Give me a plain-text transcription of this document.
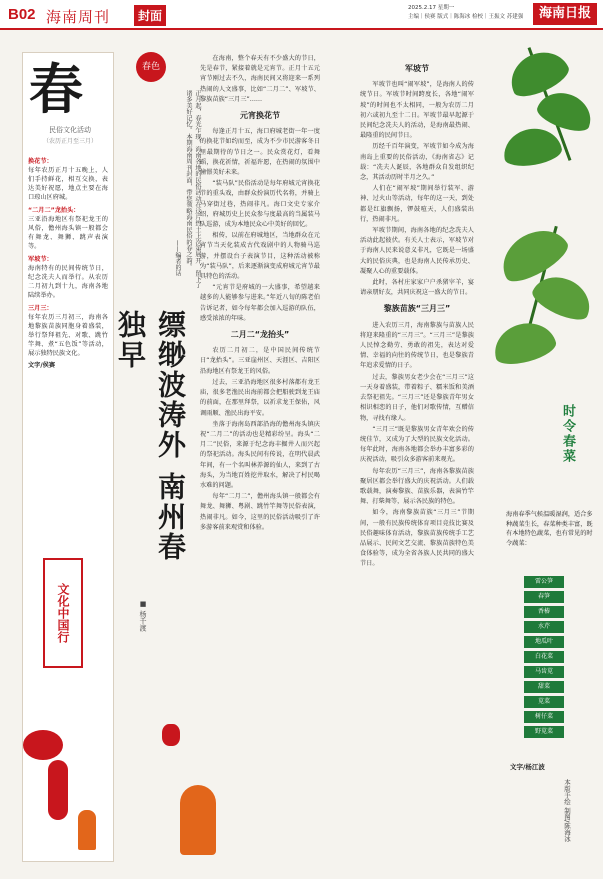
B02 海南周刊	封面
2025.2.17 星期一
主编｜侯赛 版式｜陈海冰 检校｜王振文 苏建强	海南日报
春
民俗文化活动
（农历正月至三月）
换花节：
每年农历正月十五晚上，人们手持鲜花，相互交换，表达美好祝愿，地点主要在海口琼山区府城。
“二月二”龙抬头：
三亚沿海地区有祭祀龙王的风俗，儋州海头镇一般都会有舞龙、舞狮、跳声表演等。
军坡节：
海南特有的民间传统节日，纪念冼夫人而举行。从农历二月初九到十九，海南各地陆续举办。
三月三：
每年农历三月初三，海南各地黎族苗族同胞身着盛装，举行祭拜祖先、对歌、跳竹竿舞、煮“五色饭”等活动，展示独特民族文化。
文字/侯赛
文化中国行
春色
正月起，春光乍现。海南各地的民俗活动在这片热土上次第展开，留下了诸多美好记忆。本期海南周刊封面，带您领略海南民俗的春之韵。
——编者的话
缥缈波涛外 南州春独早
■ 杨千渡

在海南，整个春天有不少盛大的节日，先是春节，紧接着就是元宵节。正月十五元宵节刚过去不久，海南民间又将迎来一系列热闹的人文盛事，比如“二月二”、军坡节、黎族苗族“三月三”……

元宵换花节

每逢正月十五，海口府城老街一年一度的换花节如约而至，成为不少市民游客冬日里最期待的节日之一。民众赏花灯，看舞蹈，换花祈情，祈福许愿，在热闹的氛围中憧憬美好未来。

“装马队”民俗活动是每年府城元宵换花节的重头戏，由群众扮演历代名将，并骑上马穿街过巷，热闹非凡。海口文史专家介绍，府城历史上民众参与度最高的当属装马队巡游，成为本地民众心中美好的回忆。

相传，以前在府城地区，当地群众在元宵节当天化装成古代戏剧中的人物骑马巡游，并摆设台子表演节目，这种活动被称为“装马队”，后来逐渐演变成府城元宵节最具特色的活动。

“元宵节是府城的一大盛事，希望越来越多的人能够参与进来。”年近八旬的陈老伯告诉记者，如今每年都会加入巡游的队伍，感受浓浓的年味。

二月二“龙抬头”

农历二月初二，是中国民间传统节日“龙抬头”。三亚崖州区、天涯区、吉阳区沿海地区有祭龙王的风俗。

过去，三亚沿海地区很多村落都有龙王庙，很多老渔民出海前都会把船驶到龙王庙的前面，在那里拜祭，以祈求龙王保佑，风调雨顺、渔民出海平安。

坐落于海南岛西部沿海的儋州海头镇庆祝“二月二”的活动也是精彩纷呈。海头“二月二”民俗，来源于纪念海丰掘井人而兴起的祭祀活动。海头民间有传说，在明代晨武年间，有一个名叫林养源的仙人，来到了古海头，为当地百姓挖井取水，解决了村民喝水难的问题。

每年“二月二”，儋州海头镇一般都会有舞龙、舞狮、粤剧、跳竹竿舞等民俗表演，热闹非凡。如今，这里的民俗活动吸引了许多游客前来观赏和体验。

军坡节

军坡节也叫“闹军坡”，是海南人的传统节日。军坡节时间跨度长，各地“闹军坡”的时间也不太相同，一般为农历二月初六或初九至十二日。军坡节最早起源于民间纪念冼夫人的活动，是海南最热闹、最隆重的民间节日。

历经千百年演变，军坡节如今成为海南岛上重要的民俗活动，《海南省志》记载：“冼夫人诞辰，各地群众自发组织纪念，其活动历时半月之久。”

人们在“闹军坡”期间举行装军、游神、过火山等活动，每年的这一天，到处都是红旗飘扬，锣鼓喧天，人们盛装出行，热闹非凡。

军坡节期间，海南各地的纪念冼夫人活动此起彼伏。有关人士表示，军坡节对于海南人民来说意义非凡，它既是一场盛大的民俗庆典，也是海南人民传承历史、凝聚人心的重要载体。

此时，各村庄家家户户杀猪宰羊，宴请亲朋好友，共同庆祝这一盛大的节日。

黎族苗族“三月三”

进入农历三月，海南黎族与苗族人民将迎来隆重的“三月三”。“三月三”是黎族人民悼念勤劳、勇敢的祖先，表达对爱情、幸福的向往的传统节日，也是黎族青年追求爱情的日子。

过去，黎族男女老少会在“三月三”这一天身着盛装，带着粽子、糯米饭和美酒去祭祀祖先。“三月三”还是黎族青年男女相识相恋的日子，他们对歌传情，互赠信物，寻找有缘人。

“三月三”既是黎族男女青年欢会的传统佳节，又成为了大型的民族文化活动。每年此时，海南各地都会举办丰富多彩的庆祝活动，吸引众多游客前来观光。

每年农历“三月三”，海南各黎族苗族聚居区都会举行盛大的庆祝活动。人们载歌载舞，演奏黎族、苗族乐器，表演竹竿舞、打柴舞等，展示各民族的特色。

如今，海南黎族苗族“三月三”节期间，一般有民族传统体育项目竞技比赛及民俗趣味体育活动，黎族苗族传统手工艺品展示、民间文艺交流、黎族苗族特色美食体验等，成为全省各族人民共同的盛大节日。

时令春菜
海南春季气候温暖湿润，适合多种蔬菜生长，春菜种类丰富，既有本地特色蔬菜，也有常见的时令蔬菜：
雷公笋
春笋
香椿
水芹
地瓜叶
白花菜
马齿苋
甜菜
苋菜
树仔菜
野苋菜
文字/杨江波
本版手绘 制图/陈海冰
